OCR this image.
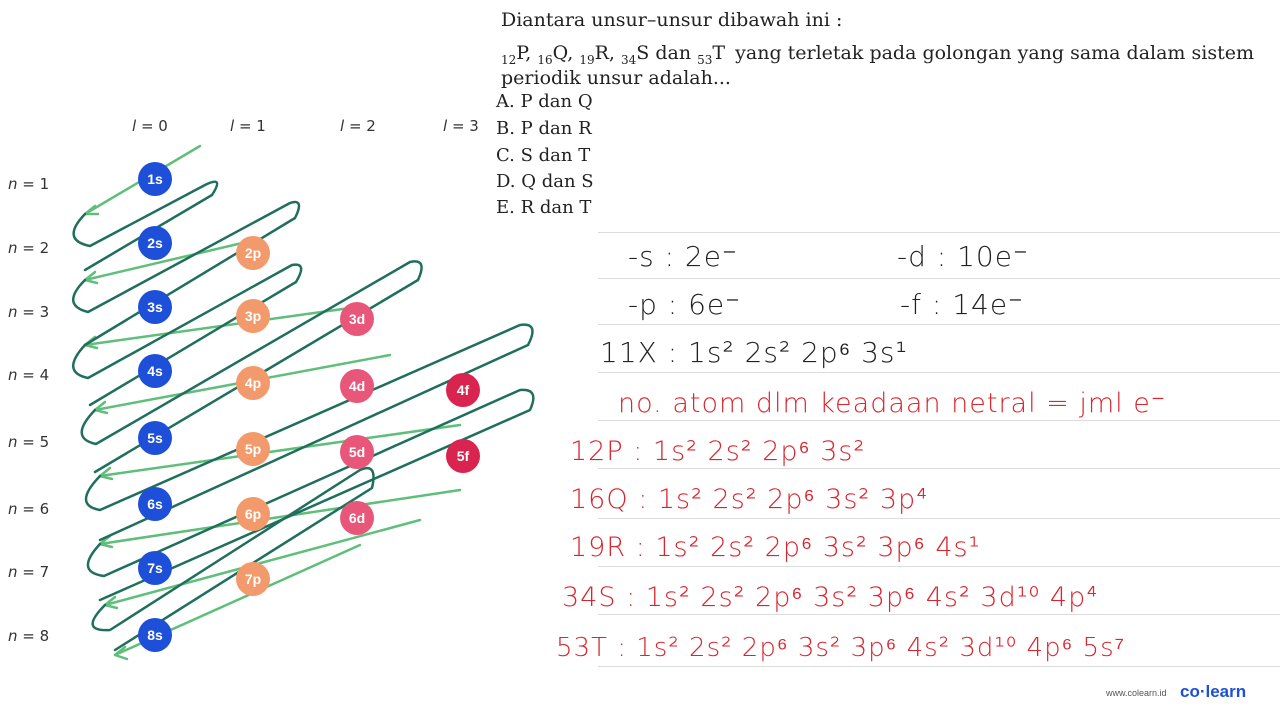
Diantara unsur–unsur dibawah ini :
$_{12}$P, $_{16}$Q, $_{19}$R, $_{34}$S dan $_{53}$T yang terletak pada golongan yang sama dalam sistem
periodik unsur adalah...
A. P dan Q
B. P dan R
C. S dan T
D. Q dan S
E. R dan T
l = 0	l = 1	l = 2	l = 3
n = 1
n = 2
n = 3
n = 4
n = 5
n = 6
n = 7
n = 8
1s
2s
3s
4s
5s
6s
7s
8s
2p
3p
4p
5p
6p
7p
3d
4d
5d
6d
4f
5f
-s : 2e⁻	-d : 10e⁻
-p : 6e⁻	-f : 14e⁻
11X : 1s² 2s² 2p⁶ 3s¹
no. atom dlm keadaan netral = jml e⁻
12P : 1s² 2s² 2p⁶ 3s²
16Q : 1s² 2s² 2p⁶ 3s² 3p⁴
19R : 1s² 2s² 2p⁶ 3s² 3p⁶ 4s¹
34S : 1s² 2s² 2p⁶ 3s² 3p⁶ 4s² 3d¹⁰ 4p⁴
53T : 1s² 2s² 2p⁶ 3s² 3p⁶ 4s² 3d¹⁰ 4p⁶ 5s⁷
www.colearn.id co·learn
